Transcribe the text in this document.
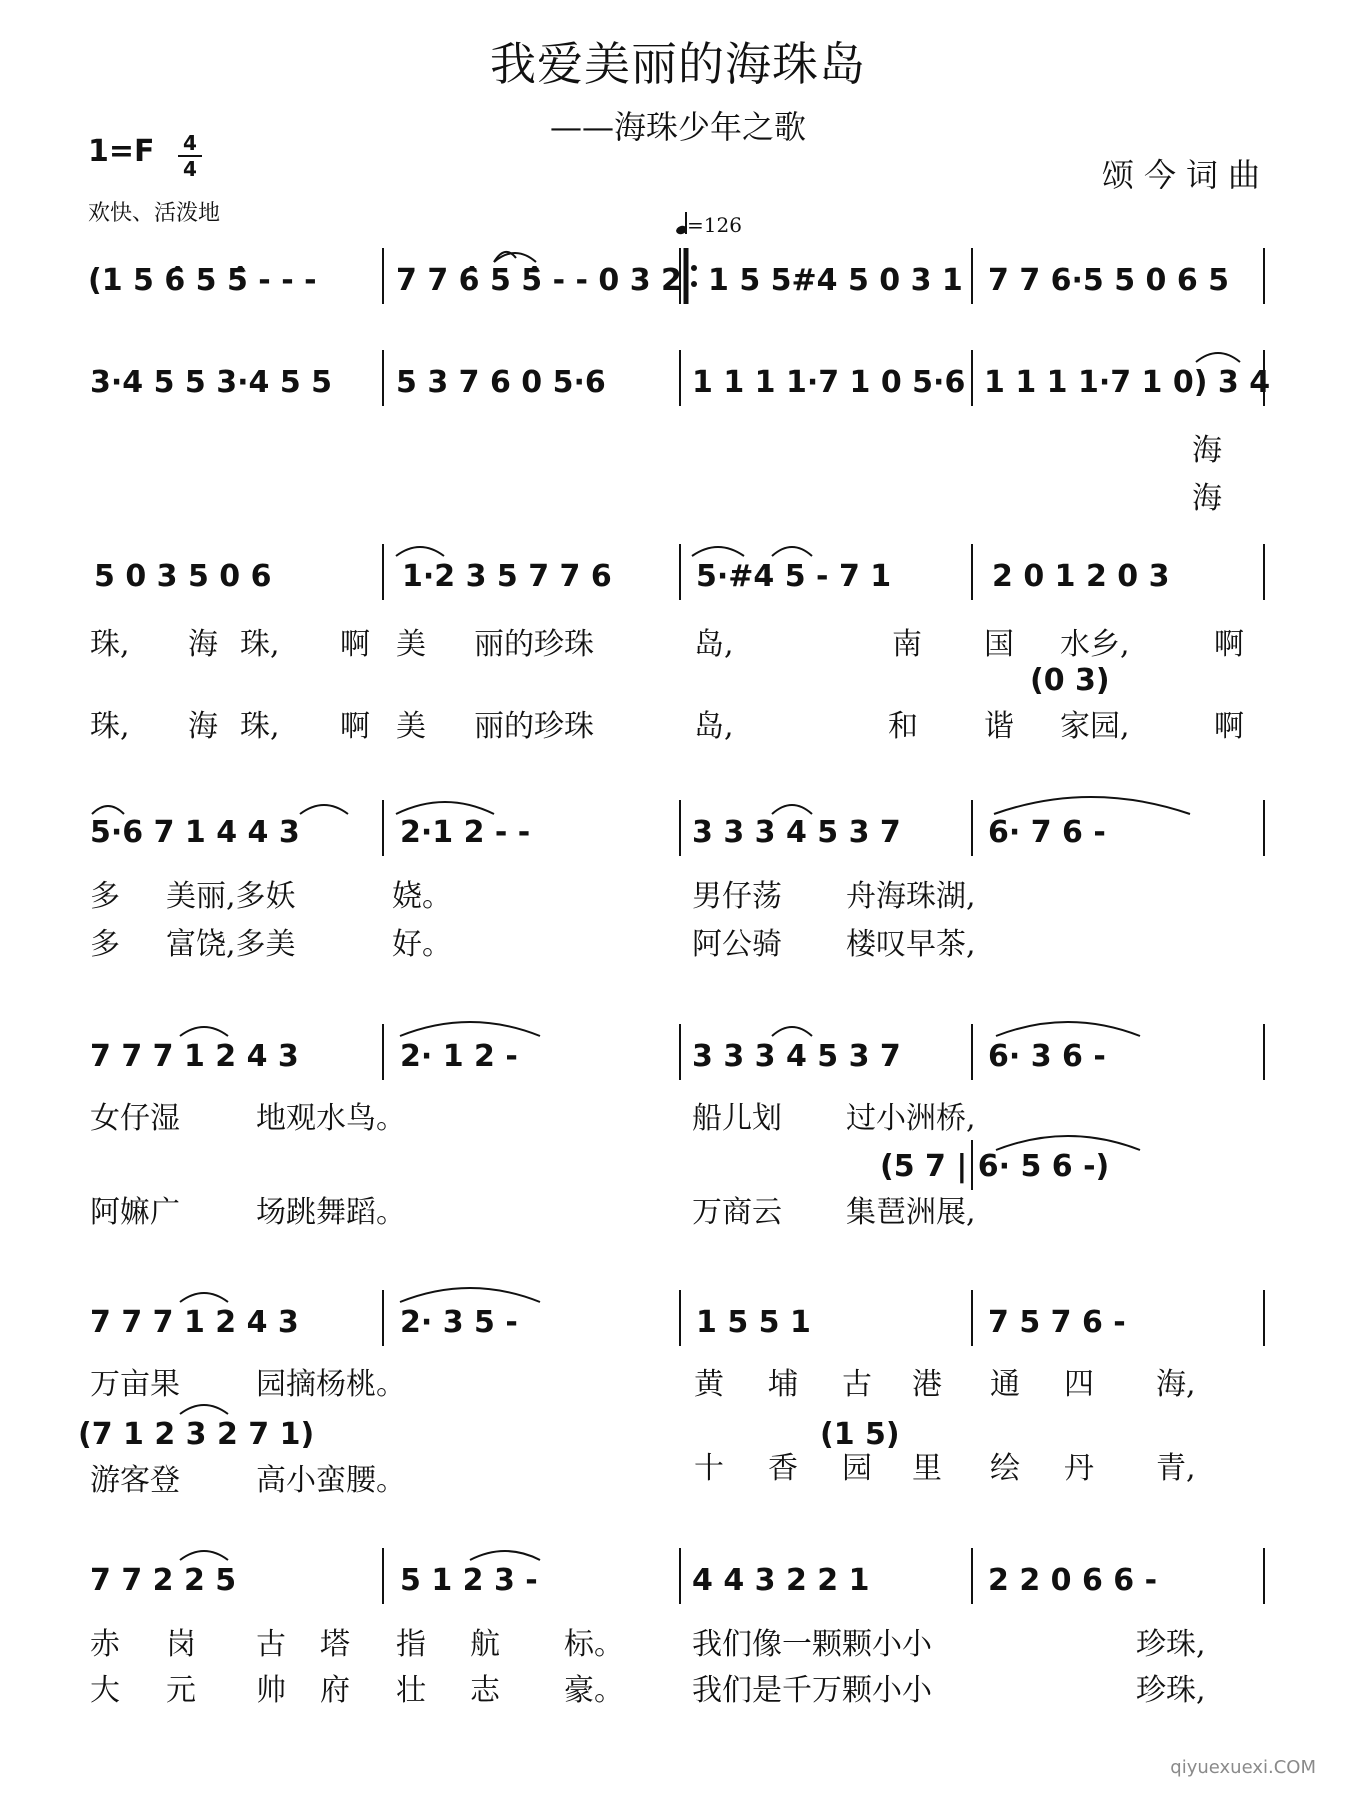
我爱美丽的海珠岛
——海珠少年之歌
1=F 4
4	颂今词曲
欢快、活泼地	=126
(1 5 6̂ 5 5̂ - - -	7 7 6̂ 5 5̂ - - 0 3 2 1 5 5#4 5 0 3 1 7 7 6·5 5 0 6 5
3·4 5 5 3·4 5 5 5 3 7 6 0 5·6	1 1 1 1·7 1 0 5·6 1 1 1 1·7 1 0) 3 4
海
海
5 0 3 5 0 6	1·2 3 5 7 7 6	5·#4 5 - 7 1	2 0 1 2 0 3
(0 3)
珠, 海 珠, 啊 美 丽的珍珠	岛,	南 国 水乡,	啊
珠, 海 珠, 啊 美 丽的珍珠	岛,	和 谐 家园,	啊
5·6 7 1 4 4 3	2·1 2 - -	3 3 3 4 5 3 7	6· 7 6 -
多 美丽,多妖	娆。	男仔荡 舟海珠湖,
多 富饶,多美	好。	阿公骑 楼叹早茶,
7 7 7 1 2 4 3	2· 1 2 -	3 3 3 4 5 3 7	6· 3 6 -
(5 7 | 6· 5 6 -)
女仔湿	地观水鸟。	船儿划 过小洲桥,
阿嫲广	场跳舞蹈。	万商云 集琶洲展,
7 7 7 1 2 4 3	2· 3 5 -	1 5 5 1	7 5 7 6 -
(7 1 2 3 2 7 1)	(1 5)
万亩果	园摘杨桃。	黄 埔 古 港 通 四 海,
游客登	高小蛮腰。	十 香 园 里 绘 丹 青,
7 7 2 2 5	5 1 2 3 -	4 4 3 2 2 1	2 2 0 6 6 -
赤 岗 古 塔 指 航 标。 我们像一颗颗小小	珍珠,
大 元 帅 府 壮 志 豪。 我们是千万颗小小	珍珠,
qiyuexuexi.COM
